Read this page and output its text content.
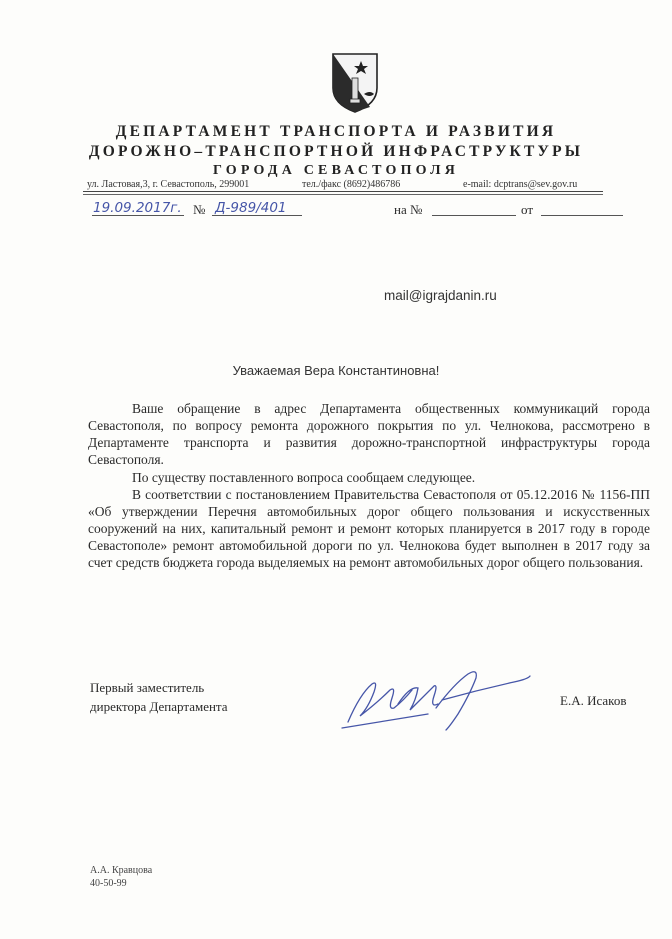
ДЕПАРТАМЕНТ ТРАНСПОРТА И РАЗВИТИЯ
ДОРОЖНО–ТРАНСПОРТНОЙ ИНФРАСТРУКТУРЫ
ГОРОДА СЕВАСТОПОЛЯ
ул. Ластовая,3, г. Севастополь, 299001	тел./факс (8692)486786	e-mail: dcptrans@sev.gov.ru
19.09.2017г. № Д-989/401	на №	от
mail@igrajdanin.ru
Уважаемая Вера Константиновна!

Ваше обращение в адрес Департамента общественных коммуникаций города Севастополя, по вопросу ремонта дорожного покрытия по ул. Челнокова, рассмотрено в Департаменте транспорта и развития дорожно-транспортной инфраструктуры города Севастополя.

По существу поставленного вопроса сообщаем следующее.

В соответствии с постановлением Правительства Севастополя от 05.12.2016 № 1156-ПП «Об утверждении Перечня автомобильных дорог общего пользования и искусственных сооружений на них, капитальный ремонт и ремонт которых планируется в 2017 году в городе Севастополе» ремонт автомобильной дороги по ул. Челнокова будет выполнен в 2017 году за счет средств бюджета города выделяемых на ремонт автомобильных дорог общего пользования.

Первый заместитель
директора Департамента	Е.А. Исаков
А.А. Кравцова
40-50-99
